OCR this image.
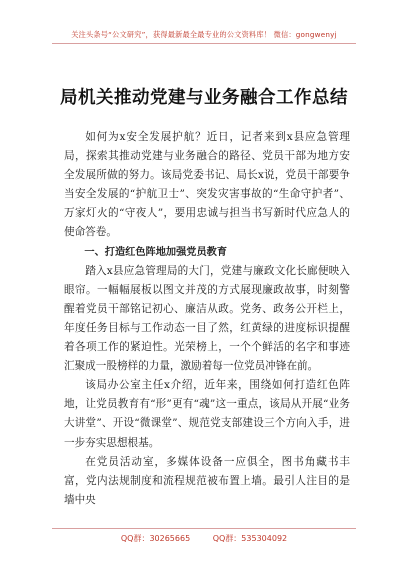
关注头条号“公文研究”，获得最新最全最专业的公文资料库！ 微信：gongwenyj
局机关推动党建与业务融合工作总结

如何为x安全发展护航？近日，记者来到x县应急管理局，探索其推动党建与业务融合的路径、党员干部为地方安全发展所做的努力。该局党委书记、局长x说，党员干部要争当安全发展的“护航卫士”、突发灾害事故的“生命守护者”、万家灯火的“守夜人”，要用忠诚与担当书写新时代应急人的使命答卷。

一、打造红色阵地加强党员教育

踏入x县应急管理局的大门，党建与廉政文化长廊便映入眼帘。一幅幅展板以图文并茂的方式展现廉政故事，时刻警醒着党员干部铭记初心、廉洁从政。党务、政务公开栏上，年度任务目标与工作动态一目了然，红黄绿的进度标识提醒着各项工作的紧迫性。光荣榜上，一个个鲜活的名字和事迹汇聚成一股榜样的力量，激励着每一位党员冲锋在前。

该局办公室主任x介绍，近年来，围绕如何打造红色阵地，让党员教育有“形”更有“魂”这一重点，该局从开展“业务大讲堂”、开设“微课堂”、规范党支部建设三个方向入手，进一步夯实思想根基。

在党员活动室，多媒体设备一应俱全，图书角藏书丰富，党内法规制度和流程规范被布置上墙。最引人注目的是墙中央

QQ群：30265665	QQ群：535304092
